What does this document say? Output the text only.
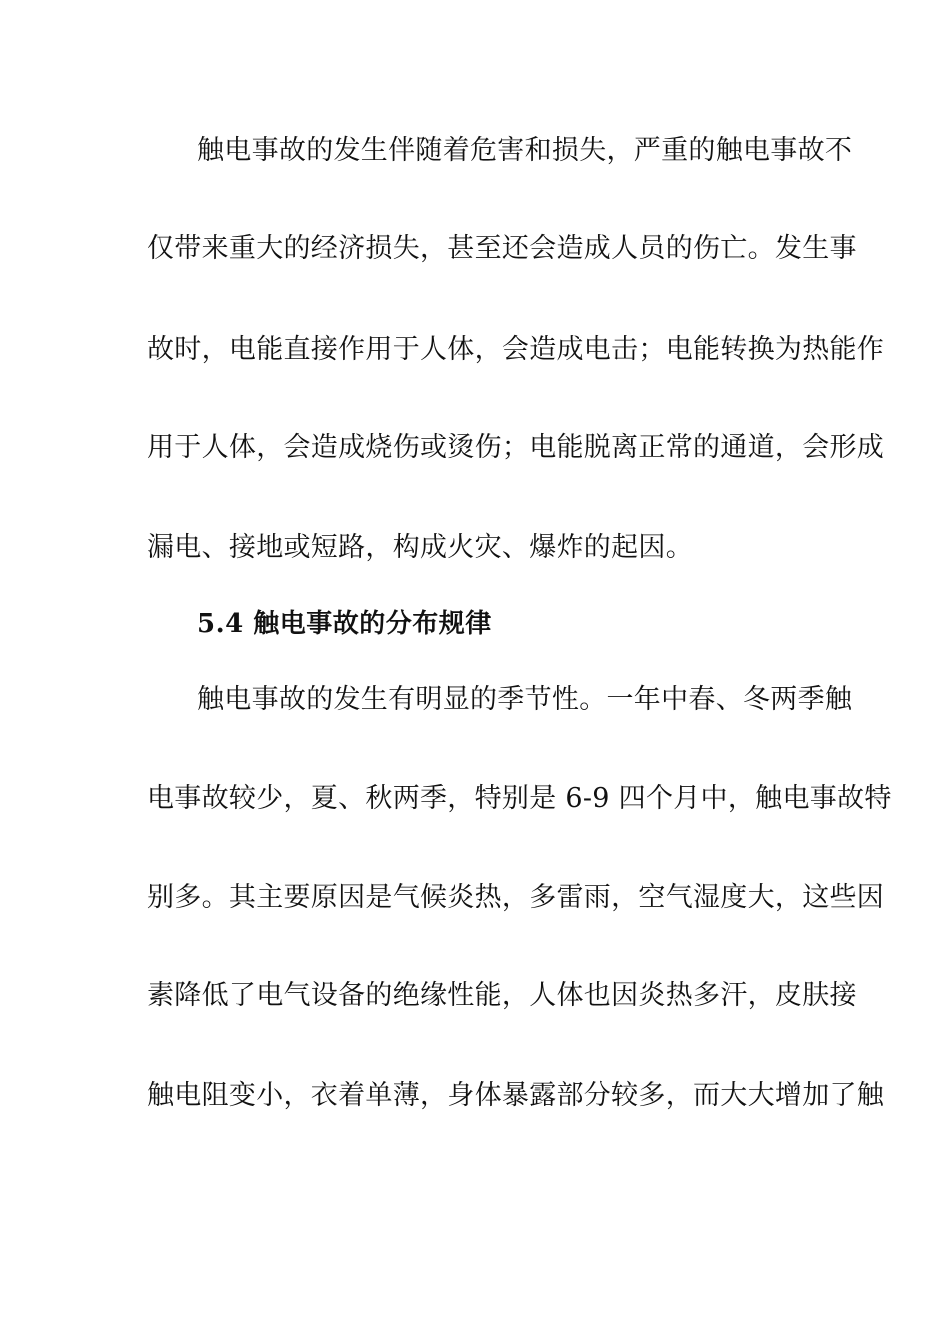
触电事故的发生伴随着危害和损失，严重的触电事故不
仅带来重大的经济损失，甚至还会造成人员的伤亡。发生事
故时，电能直接作用于人体，会造成电击；电能转换为热能作
用于人体，会造成烧伤或烫伤；电能脱离正常的通道，会形成
漏电、接地或短路，构成火灾、爆炸的起因。
5.4 触电事故的分布规律
触电事故的发生有明显的季节性。一年中春、冬两季触
电事故较少，夏、秋两季，特别是 6-9 四个月中，触电事故特
别多。其主要原因是气候炎热，多雷雨，空气湿度大，这些因
素降低了电气设备的绝缘性能，人体也因炎热多汗，皮肤接
触电阻变小，衣着单薄，身体暴露部分较多，而大大增加了触
